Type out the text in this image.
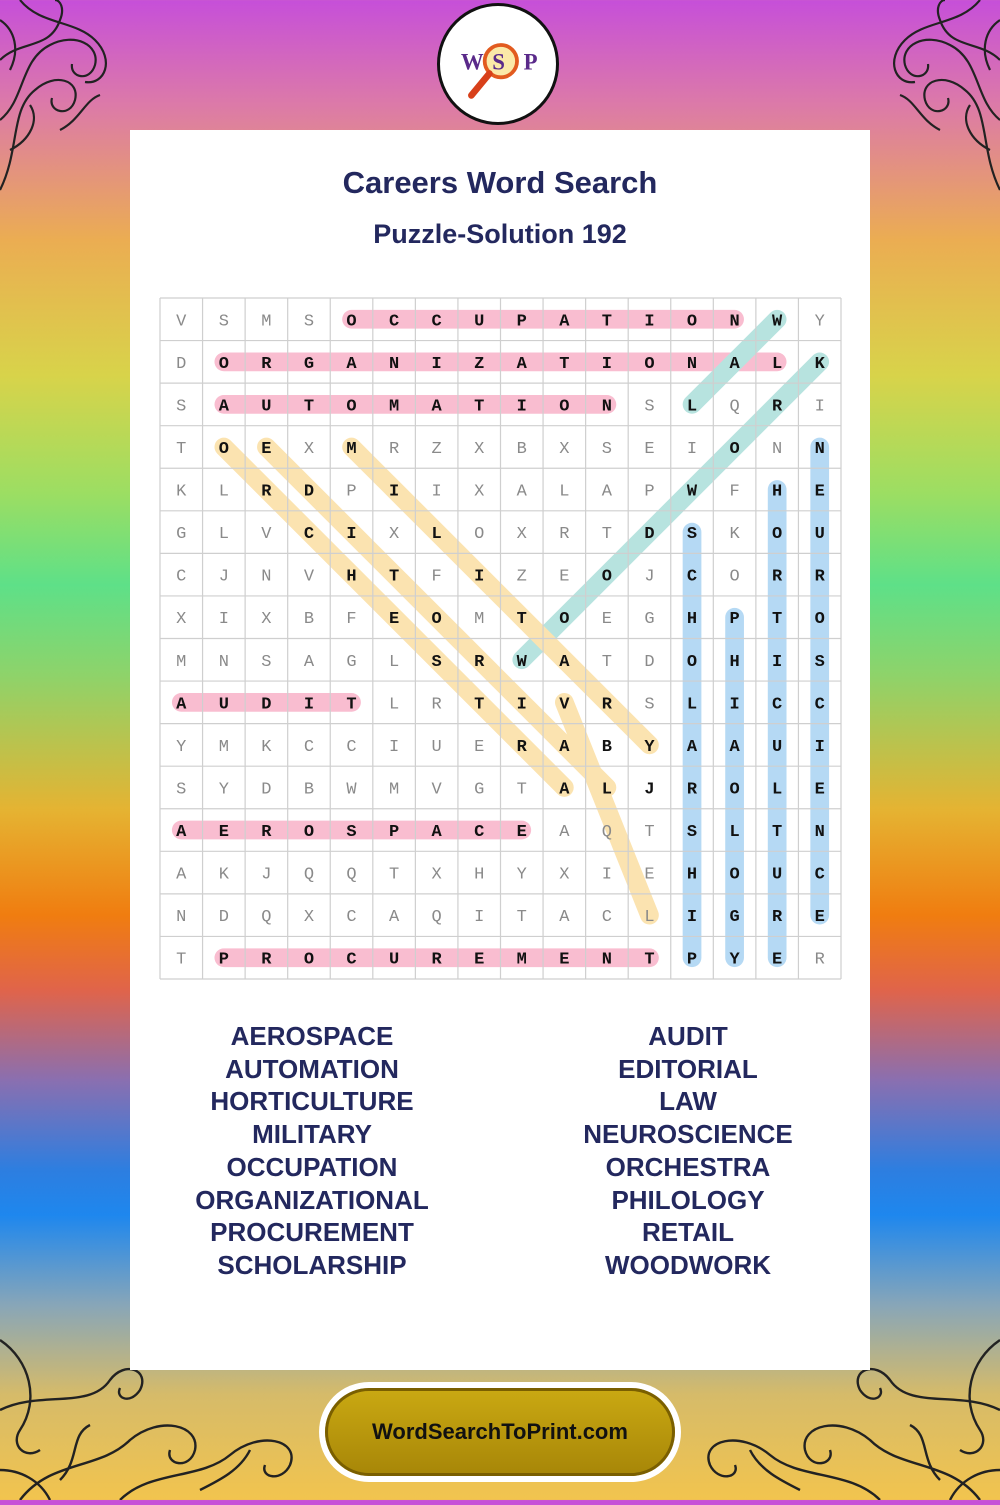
W S P
Careers Word Search
Puzzle-Solution 192
V S M S O C C U P A T I O N W Y
D O R G A N I Z A T I O N A L K
S A U T O M A T I O N S L Q R I
T O E X M R Z X B X S E I O N N
K L R D P I I X A L A P W F H E
G L V C I X L O X R T D S K O U
C J N V H T F I Z E O J C O R R
X I X B F E O M T O E G H P T O
M N S A G L S R W A T D O H I S
A U D I T L R T I V R S L I C C
Y M K C C I U E R A B Y A A U I
S Y D B W M V G T A L J R O L E
A E R O S P A C E A Q T S L T N
A K J Q Q T X H Y X I E H O U C
N D Q X C A Q I T A C L I G R E
T P R O C U R E M E N T P Y E R
AEROSPACE
AUTOMATION
HORTICULTURE
MILITARY
OCCUPATION
ORGANIZATIONAL
PROCUREMENT
SCHOLARSHIP
AUDIT
EDITORIAL
LAW
NEUROSCIENCE
ORCHESTRA
PHILOLOGY
RETAIL
WOODWORK
WordSearchToPrint.com
